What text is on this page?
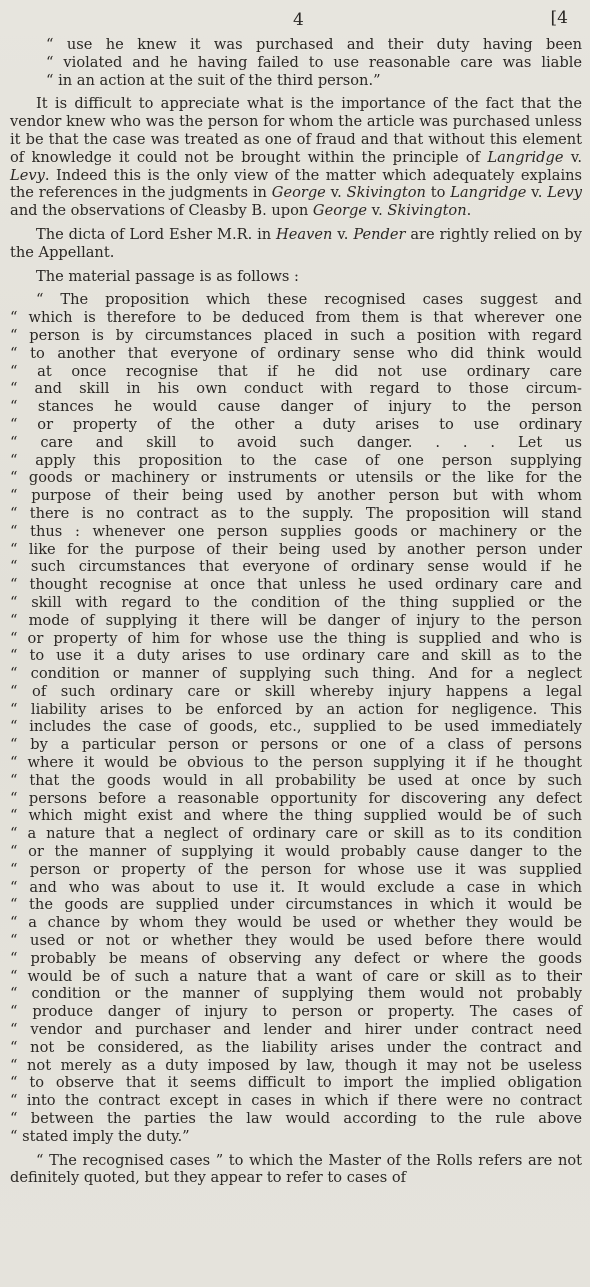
4	[4
“ use he knew it was purchased and their duty having been
“ violated and he having failed to use reasonable care was liable
“ in an action at the suit of the third person.”

It is difficult to appreciate what is the importance of the fact that the vendor knew who was the person for whom the article was purchased unless it be that the case was treated as one of fraud and that without this element of knowledge it could not be brought within the principle of Langridge v. Levy. Indeed this is the only view of the matter which adequately explains the references in the judgments in George v. Skivington to Langridge v. Levy and the observations of Cleasby B. upon George v. Skivington.

The dicta of Lord Esher M.R. in Heaven v. Pender are rightly relied on by the Appellant.

The material passage is as follows :

“ The proposition which these recognised cases suggest and
“ which is therefore to be deduced from them is that wherever one
“ person is by circumstances placed in such a position with regard
“ to another that everyone of ordinary sense who did think would
“ at once recognise that if he did not use ordinary care
“ and skill in his own conduct with regard to those circum-
“ stances he would cause danger of injury to the person
“ or property of the other a duty arises to use ordinary
“ care and skill to avoid such danger. . . . Let us
“ apply this proposition to the case of one person supplying
“ goods or machinery or instruments or utensils or the like for the
“ purpose of their being used by another person but with whom
“ there is no contract as to the supply. The proposition will stand
“ thus : whenever one person supplies goods or machinery or the
“ like for the purpose of their being used by another person under
“ such circumstances that everyone of ordinary sense would if he
“ thought recognise at once that unless he used ordinary care and
“ skill with regard to the condition of the thing supplied or the
“ mode of supplying it there will be danger of injury to the person
“ or property of him for whose use the thing is supplied and who is
“ to use it a duty arises to use ordinary care and skill as to the
“ condition or manner of supplying such thing. And for a neglect
“ of such ordinary care or skill whereby injury happens a legal
“ liability arises to be enforced by an action for negligence. This
“ includes the case of goods, etc., supplied to be used immediately
“ by a particular person or persons or one of a class of persons
“ where it would be obvious to the person supplying it if he thought
“ that the goods would in all probability be used at once by such
“ persons before a reasonable opportunity for discovering any defect
“ which might exist and where the thing supplied would be of such
“ a nature that a neglect of ordinary care or skill as to its condition
“ or the manner of supplying it would probably cause danger to the
“ person or property of the person for whose use it was supplied
“ and who was about to use it. It would exclude a case in which
“ the goods are supplied under circumstances in which it would be
“ a chance by whom they would be used or whether they would be
“ used or not or whether they would be used before there would
“ probably be means of observing any defect or where the goods
“ would be of such a nature that a want of care or skill as to their
“ condition or the manner of supplying them would not probably
“ produce danger of injury to person or property. The cases of
“ vendor and purchaser and lender and hirer under contract need
“ not be considered, as the liability arises under the contract and
“ not merely as a duty imposed by law, though it may not be useless
“ to observe that it seems difficult to import the implied obligation
“ into the contract except in cases in which if there were no contract
“ between the parties the law would according to the rule above
“ stated imply the duty.”

“ The recognised cases ” to which the Master of the Rolls refers are not definitely quoted, but they appear to refer to cases of
